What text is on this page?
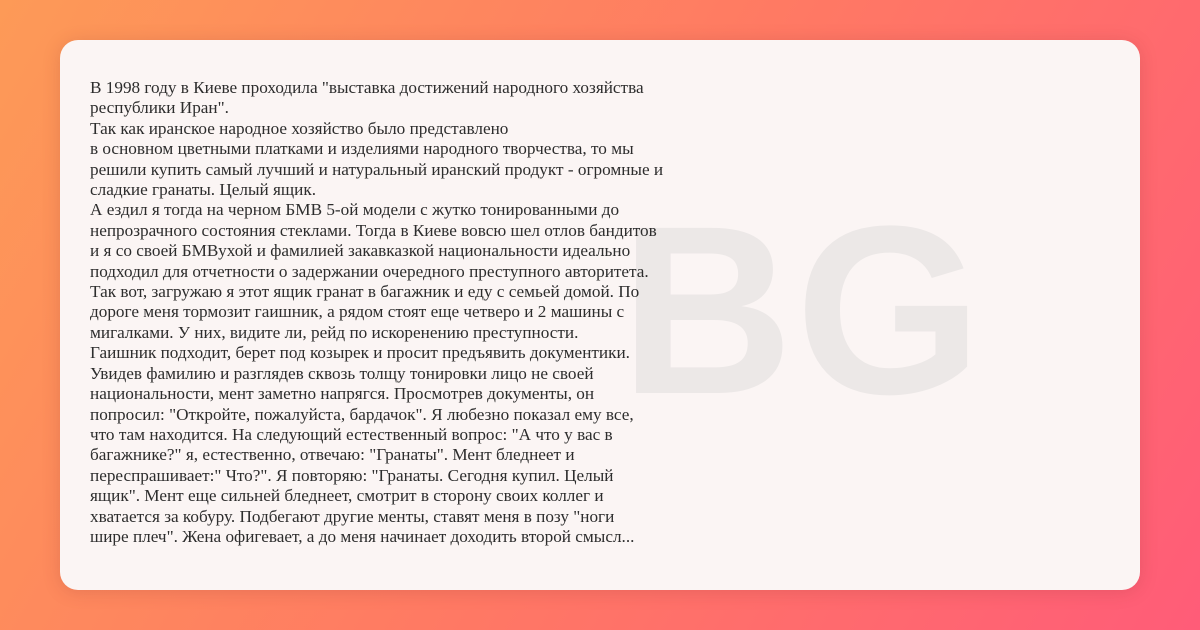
BG
В 1998 году в Киеве проходила "выставка достижений народного хозяйства
республики Иран".
Так как иранское народное хозяйство было представлено
в основном цветными платками и изделиями народного творчества, то мы
решили купить самый лучший и натуральный иранский продукт - огромные и
сладкие гранаты. Целый ящик.
А ездил я тогда на черном БМВ 5-ой модели с жутко тонированными до
непрозрачного состояния стеклами. Тогда в Киеве вовсю шел отлов бандитов
и я со своей БМВухой и фамилией закавказкой национальности идеально
подходил для отчетности о задержании очередного преступного авторитета.
Так вот, загружаю я этот ящик гранат в багажник и еду с семьей домой. По
дороге меня тормозит гаишник, а рядом стоят еще четверо и 2 машины с
мигалками. У них, видите ли, рейд по искоренению преступности.
Гаишник подходит, берет под козырек и просит предъявить документики.
Увидев фамилию и разглядев сквозь толщу тонировки лицо не своей
национальности, мент заметно напрягся. Просмотрев документы, он
попросил: "Откройте, пожалуйста, бардачок". Я любезно показал ему все,
что там находится. На следующий естественный вопрос: "А что у вас в
багажнике?" я, естественно, отвечаю: "Гранаты". Мент бледнеет и
переспрашивает:" Что?". Я повторяю: "Гранаты. Сегодня купил. Целый
ящик". Мент еще сильней бледнеет, смотрит в сторону своих коллег и
хватается за кобуру. Подбегают другие менты, ставят меня в позу "ноги
шире плеч". Жена офигевает, а до меня начинает доходить второй смысл...
